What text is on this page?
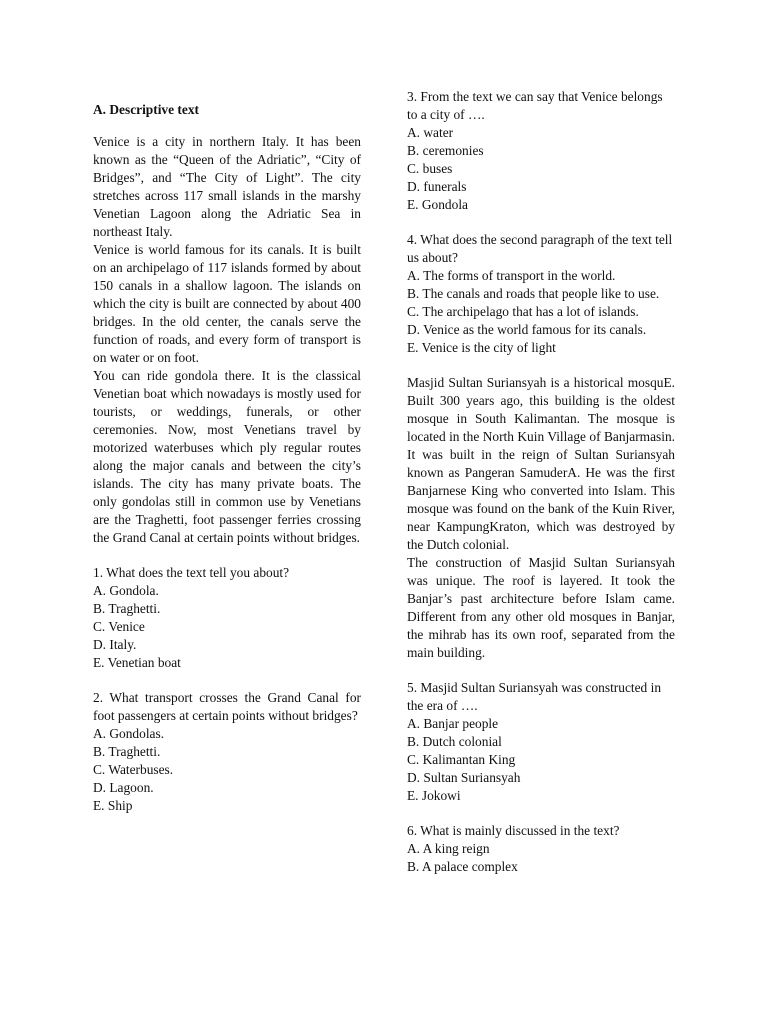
A. Descriptive text

Venice is a city in northern Italy. It has been known as the “Queen of the Adriatic”, “City of Bridges”, and “The City of Light”. The city stretches across 117 small islands in the marshy Venetian Lagoon along the Adriatic Sea in northeast Italy.

Venice is world famous for its canals. It is built on an archipelago of 117 islands formed by about 150 canals in a shallow lagoon. The islands on which the city is built are connected by about 400 bridges. In the old center, the canals serve the function of roads, and every form of transport is on water or on foot.

You can ride gondola there. It is the classical Venetian boat which nowadays is mostly used for tourists, or weddings, funerals, or other ceremonies. Now, most Venetians travel by motorized waterbuses which ply regular routes along the major canals and between the city’s islands. The city has many private boats. The only gondolas still in common use by Venetians are the Traghetti, foot passenger ferries crossing the Grand Canal at certain points without bridges.

1. What does the text tell you about?

A. Gondola.

B. Traghetti.

C. Venice

D. Italy.

E. Venetian boat

2. What transport crosses the Grand Canal for foot passengers at certain points without bridges?

A. Gondolas.

B. Traghetti.

C. Waterbuses.

D. Lagoon.

E. Ship

3. From the text we can say that Venice belongs to a city of ….

A. water

B. ceremonies

C. buses

D. funerals

E. Gondola

4. What does the second paragraph of the text tell us about?

A. The forms of transport in the world.

B. The canals and roads that people like to use.

C. The archipelago that has a lot of islands.

D. Venice as the world famous for its canals.

E. Venice is the city of light

Masjid Sultan Suriansyah is a historical mosquE. Built 300 years ago, this building is the oldest mosque in South Kalimantan. The mosque is located in the North Kuin Village of Banjarmasin. It was built in the reign of Sultan Suriansyah known as Pangeran SamuderA. He was the first Banjarnese King who converted into Islam. This mosque was found on the bank of the Kuin River, near KampungKraton, which was destroyed by the Dutch colonial.

The construction of Masjid Sultan Suriansyah was unique. The roof is layered. It took the Banjar’s past architecture before Islam came. Different from any other old mosques in Banjar, the mihrab has its own roof, separated from the main building.

5. Masjid Sultan Suriansyah was constructed in the era of ….

A. Banjar people

B. Dutch colonial

C. Kalimantan King

D. Sultan Suriansyah

E. Jokowi

6. What is mainly discussed in the text?

A. A king reign

B. A palace complex
